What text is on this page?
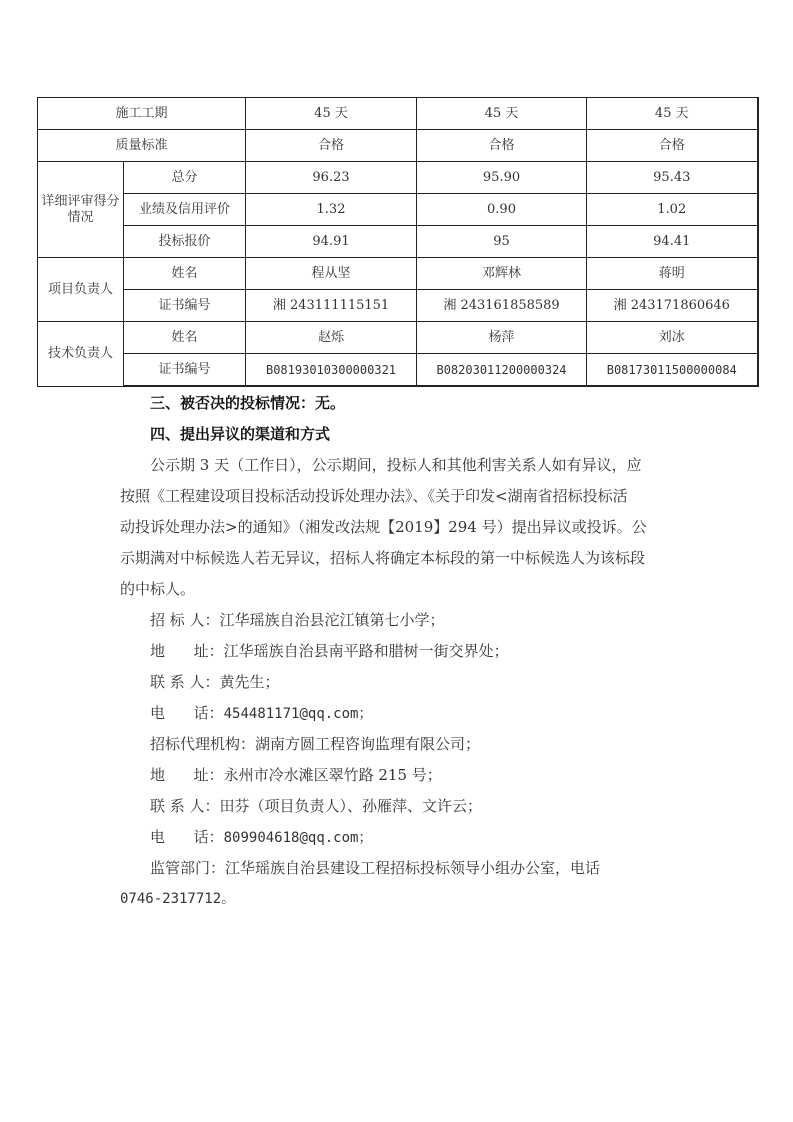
施工工期		45 天	45 天	45 天
质量标准		合格	合格	合格
详细评审得分情况	总分	96.23	95.90	95.43
	业绩及信用评价	1.32	0.90	1.02
	投标报价	94.91	95	94.41
项目负责人	姓名	程从坚	邓辉林	蒋明
	证书编号	湘 243111115151	湘 243161858589	湘 243171860646
技术负责人	姓名	赵烁	杨萍	刘冰
	证书编号	B08193010300000321	B08203011200000324	B08173011500000084
三、被否决的投标情况：无。
四、提出异议的渠道和方式
公示期 3 天（工作日），公示期间，投标人和其他利害关系人如有异议，应
按照《工程建设项目投标活动投诉处理办法》、《关于印发<湖南省招标投标活
动投诉处理办法>的通知》（湘发改法规【2019】294 号）提出异议或投诉。公
示期满对中标候选人若无异议，招标人将确定本标段的第一中标候选人为该标段
的中标人。
招 标 人：江华瑶族自治县沱江镇第七小学；
地      址：江华瑶族自治县南平路和腊树一街交界处；
联 系 人：黄先生；
电      话：454481171@qq.com；
招标代理机构：湖南方圆工程咨询监理有限公司；
地      址：永州市冷水滩区翠竹路 215 号；
联 系 人：田芬（项目负责人）、孙雁萍、文许云；
电      话：809904618@qq.com；
监管部门：江华瑶族自治县建设工程招标投标领导小组办公室，电话
0746-2317712。
